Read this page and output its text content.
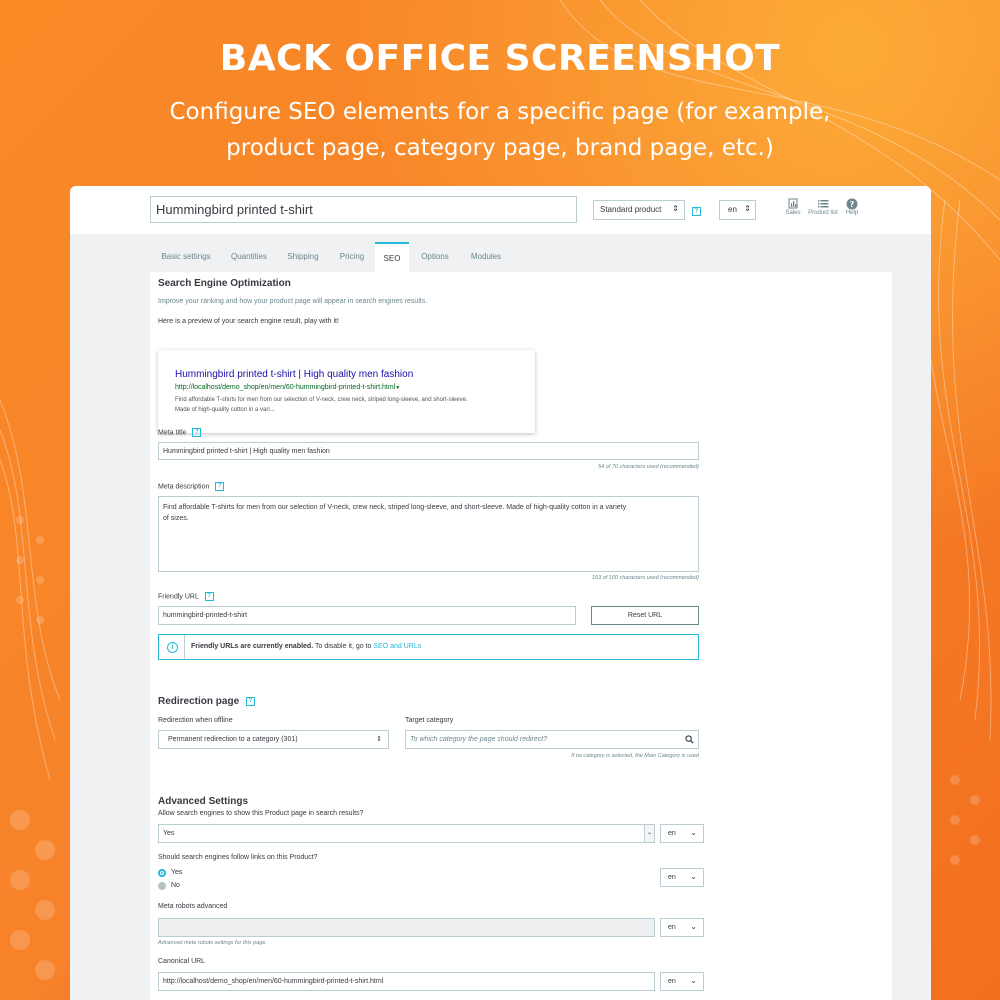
BACK OFFICE SCREENSHOT
Configure SEO elements for a specific page (for example,
product page, category page, brand page, etc.)
Hummingbird printed t-shirt	Standard product ⇕	?	en ⇕	Sales	Product list
?
Help
Basic settings	Quantities	Shipping	Pricing	SEO	Options	Modules
Search Engine Optimization
Improve your ranking and how your product page will appear in search engines results.
Here is a preview of your search engine result, play with it!
Hummingbird printed t-shirt | High quality men fashion
http://localhost/demo_shop/en/men/60-hummingbird-printed-t-shirt.html▼
Find affordable T-shirts for men from our selection of V-neck, crew neck, striped long-sleeve, and short-sleeve.
Made of high-quality cotton in a vari...
Meta title ?
Hummingbird printed t-shirt | High quality men fashion
54 of 70 characters used (recommended)
Meta description ?
Find affordable T-shirts for men from our selection of V-neck, crew neck, striped long-sleeve, and short-sleeve. Made of high-quality cotton in a variety
of sizes.
163 of 160 characters used (recommended)
Friendly URL ?
hummingbird-printed-t-shirt	Reset URL
i	Friendly URLs are currently enabled. To disable it, go to SEO and URLs
Redirection page ?
Redirection when offline
Permanent redirection to a category (301)	⇕
Target category
To which category the page should redirect?
If no category is selected, the Main Category is used
Advanced Settings
Allow search engines to show this Product page in search results?
Yes	⌄	en ⌄
Should search engines follow links on this Product?
Yes
No
en ⌄
Meta robots advanced
en ⌄
Advanced meta robots settings for this page.
Canonical URL
http://localhost/demo_shop/en/men/60-hummingbird-printed-t-shirt.html	en ⌄
